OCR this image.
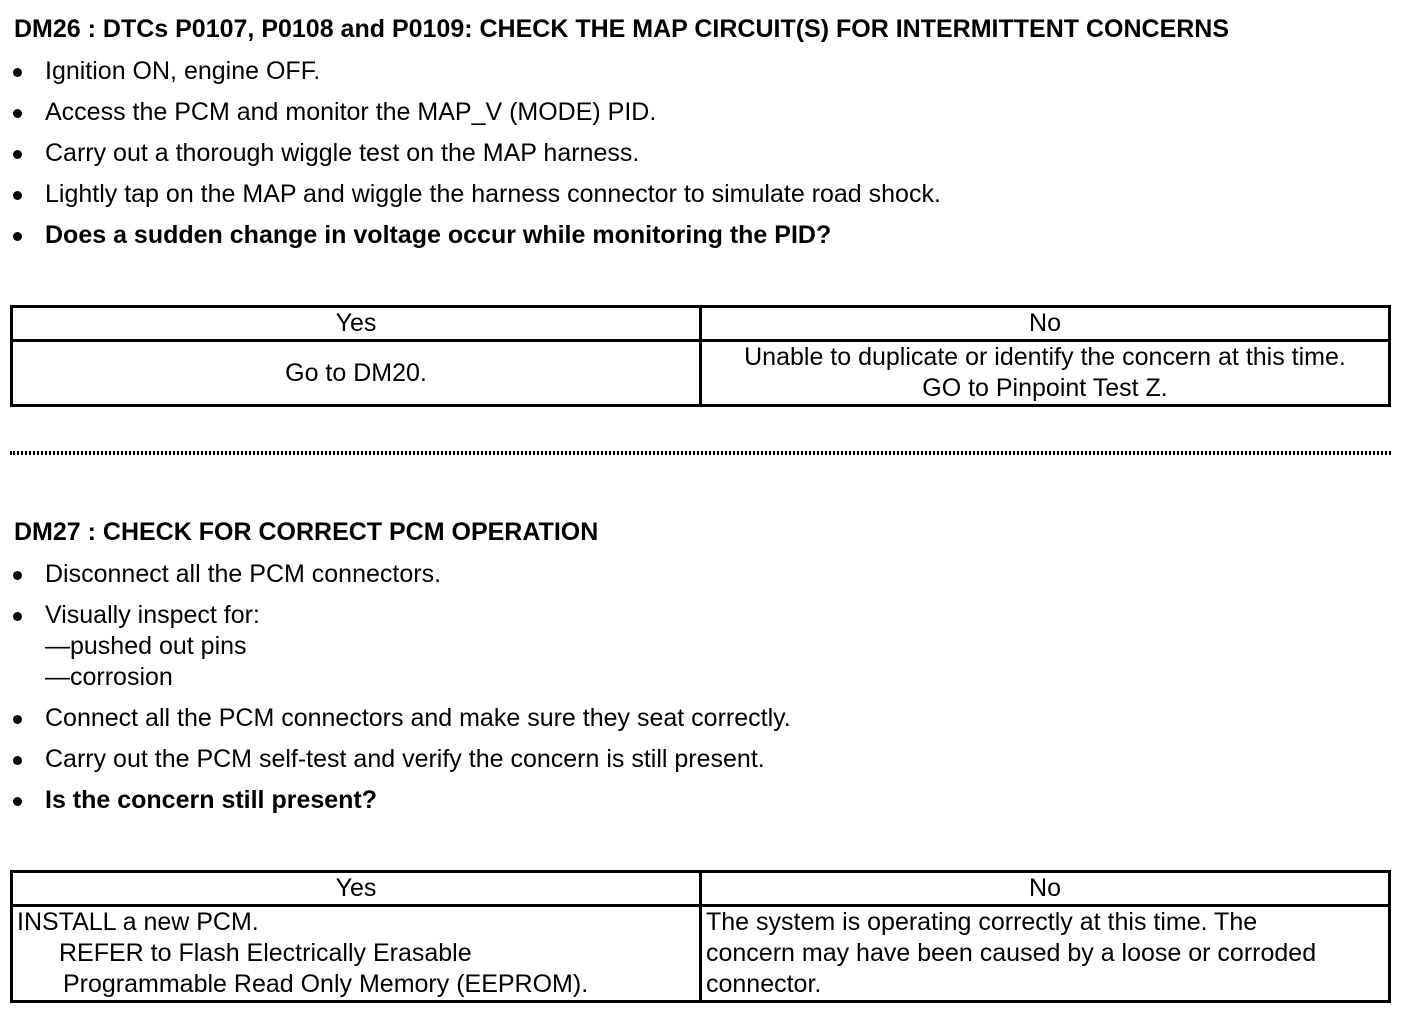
DM26 : DTCs P0107, P0108 and P0109: CHECK THE MAP CIRCUIT(S) FOR INTERMITTENT CONCERNS
Ignition ON, engine OFF.
Access the PCM and monitor the MAP_V (MODE) PID.
Carry out a thorough wiggle test on the MAP harness.
Lightly tap on the MAP and wiggle the harness connector to simulate road shock.
Does a sudden change in voltage occur while monitoring the PID?
Yes	No
Go to DM20.	Unable to duplicate or identify the concern at this time.
GO to Pinpoint Test Z.
DM27 : CHECK FOR CORRECT PCM OPERATION
Disconnect all the PCM connectors.
Visually inspect for:
—pushed out pins
—corrosion
Connect all the PCM connectors and make sure they seat correctly.
Carry out the PCM self-test and verify the concern is still present.
Is the concern still present?
Yes	No

INSTALL a new PCM.
REFER to Flash Electrically Erasable
Programmable Read Only Memory (EEPROM).	The system is operating correctly at this time. The
concern may have been caused by a loose or corroded
connector.
